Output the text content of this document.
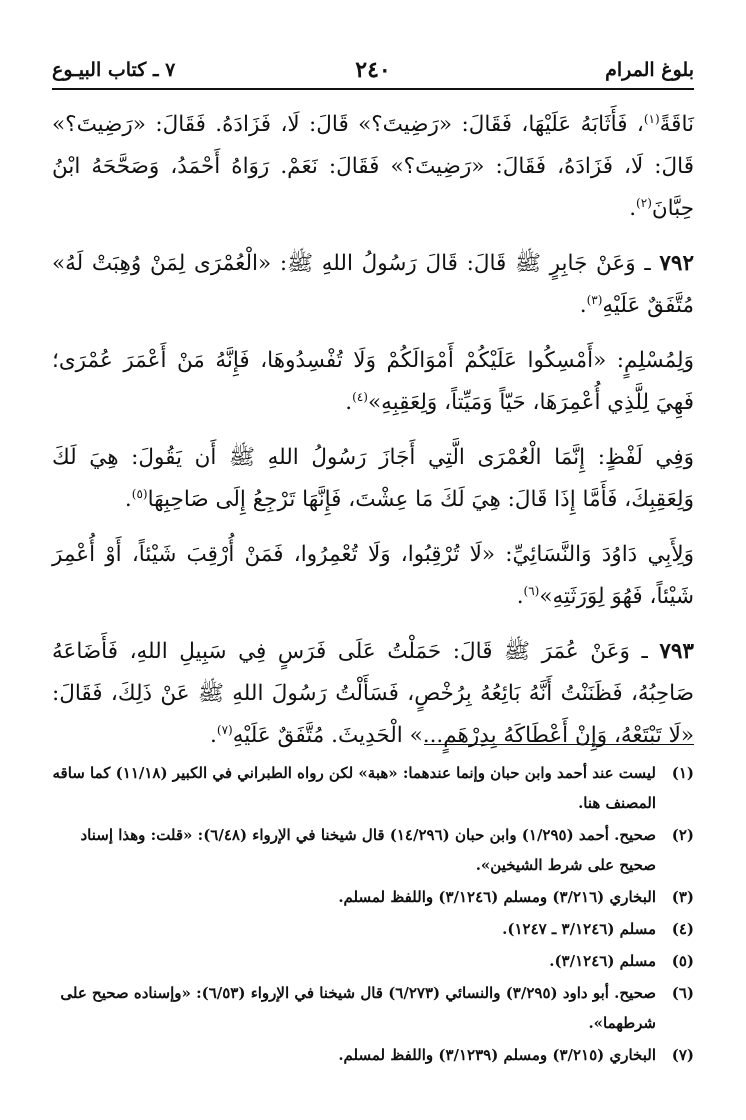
بلوغ المرام
٢٤٠
٧ ـ كتاب البيـوع

نَاقَةً$^{(١)}$، فَأَثَابَهُ عَلَيْهَا، فَقَالَ: «رَضِيتَ؟» قَالَ: لَا، فَزَادَهُ. فَقَالَ: «رَضِيتَ؟» قَالَ: لَا، فَزَادَهُ، فَقَالَ: «رَضِيتَ؟» فَقَالَ: نَعَمْ. رَوَاهُ أَحْمَدُ، وَصَحَّحَهُ ابْنُ حِبَّانَ$^{(٢)}$.

٧٩٢ ـ وَعَنْ جَابِرٍ ﷺ قَالَ: قَالَ رَسُولُ اللهِ ﷺ: «الْعُمْرَى لِمَنْ وُهِبَتْ لَهُ» مُتَّفَقٌ عَلَيْهِ$^{(٣)}$.

وَلِمُسْلِمٍ: «أَمْسِكُوا عَلَيْكُمْ أَمْوَالَكُمْ وَلَا تُفْسِدُوهَا، فَإِنَّهُ مَنْ أَعْمَرَ عُمْرَى؛ فَهِيَ لِلَّذِي أُعْمِرَهَا، حَيّاً وَمَيِّتاً، وَلِعَقِبِهِ»$^{(٤)}$.

وَفِي لَفْظٍ: إِنَّمَا الْعُمْرَى الَّتِي أَجَازَ رَسُولُ اللهِ ﷺ أَن يَقُولَ: هِيَ لَكَ وَلِعَقِبِكَ، فَأَمَّا إِذَا قَالَ: هِيَ لَكَ مَا عِشْتَ، فَإِنَّهَا تَرْجِعُ إِلَى صَاحِبِهَا$^{(٥)}$.

وَلِأَبِي دَاوُدَ وَالنَّسَائِيِّ: «لَا تُرْقِبُوا، وَلَا تُعْمِرُوا، فَمَنْ أُرْقِبَ شَيْئاً، أَوْ أُعْمِرَ شَيْئاً، فَهُوَ لِوَرَثَتِهِ»$^{(٦)}$.

٧٩٣ ـ وَعَنْ عُمَرَ ﷺ قَالَ: حَمَلْتُ عَلَى فَرَسٍ فِي سَبِيلِ اللهِ، فَأَضَاعَهُ صَاحِبُهُ، فَظَنَنْتُ أَنَّهُ بَائِعُهُ بِرُخْصٍ، فَسَأَلْتُ رَسُولَ اللهِ ﷺ عَنْ ذَلِكَ، فَقَالَ: «لَا تَبْتَعْهُ، وَإِنْ أَعْطَاكَهُ بِدِرْهَمٍ...» الْحَدِيثَ. مُتَّفَقٌ عَلَيْهِ$^{(٧)}$.

(١)
ليست عند أحمد وابن حبان وإنما عندهما: «هبة» لكن رواه الطبراني في الكبير (١١/١٨) كما ساقه المصنف هنا.
(٢)
صحيح. أحمد (١/٢٩٥) وابن حبان (١٤/٢٩٦) قال شيخنا في الإرواء (٦/٤٨): «قلت: وهذا إسناد صحيح على شرط الشيخين».
(٣)
البخاري (٣/٢١٦) ومسلم (٣/١٢٤٦) واللفظ لمسلم.
(٤)
مسلم (٣/١٢٤٦ ـ ١٢٤٧).
(٥)
مسلم (٣/١٢٤٦).
(٦)
صحيح. أبو داود (٣/٢٩٥) والنسائي (٦/٢٧٣) قال شيخنا في الإرواء (٦/٥٣): «وإسناده صحيح على شرطهما».
(٧)
البخاري (٣/٢١٥) ومسلم (٣/١٢٣٩) واللفظ لمسلم.
